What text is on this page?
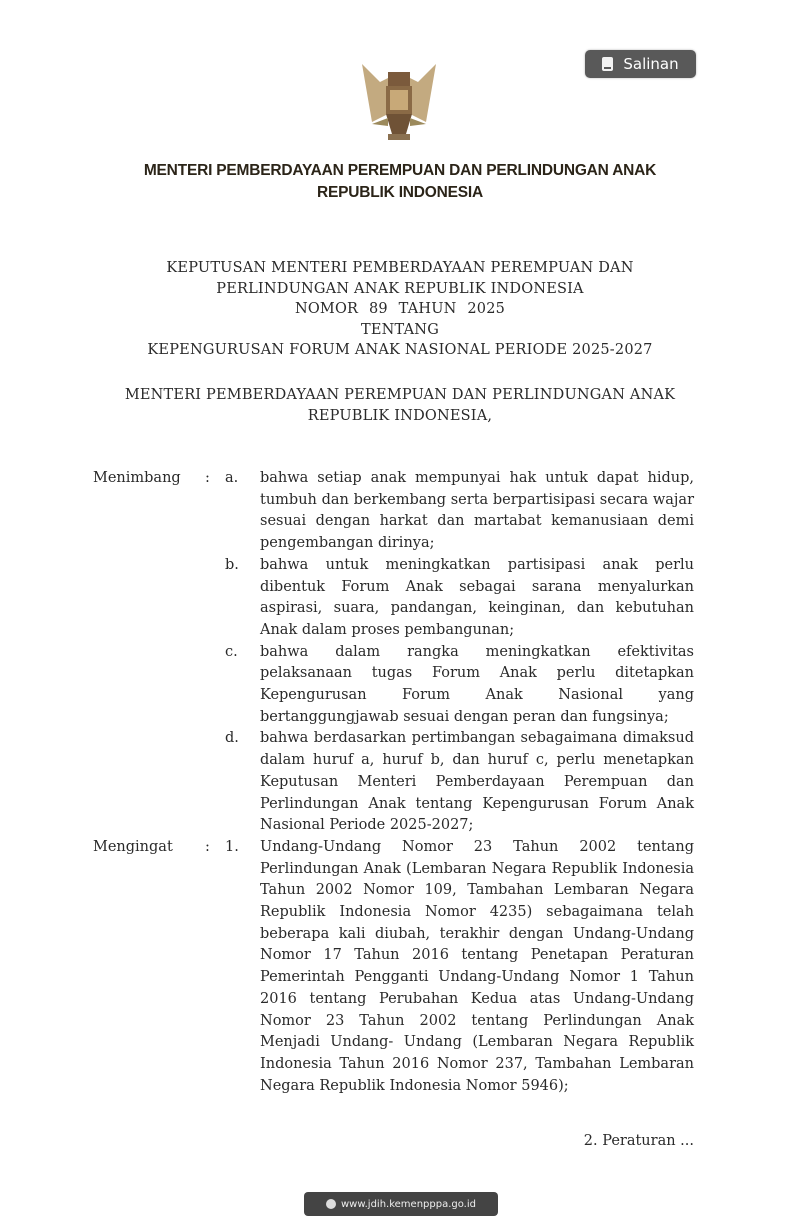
Salinan
MENTERI PEMBERDAYAAN PEREMPUAN DAN PERLINDUNGAN ANAK
REPUBLIK INDONESIA
KEPUTUSAN MENTERI PEMBERDAYAAN PEREMPUAN DAN
PERLINDUNGAN ANAK REPUBLIK INDONESIA
NOMOR 89 TAHUN 2025
TENTANG
KEPENGURUSAN FORUM ANAK NASIONAL PERIODE 2025-2027
MENTERI PEMBERDAYAAN PEREMPUAN DAN PERLINDUNGAN ANAK
REPUBLIK INDONESIA,
Menimbang : a. bahwa setiap anak mempunyai hak untuk dapat hidup, tumbuh dan berkembang serta berpartisipasi secara wajar sesuai dengan harkat dan martabat kemanusiaan demi pengembangan dirinya;
b. bahwa untuk meningkatkan partisipasi anak perlu dibentuk Forum Anak sebagai sarana menyalurkan aspirasi, suara, pandangan, keinginan, dan kebutuhan Anak dalam proses pembangunan;
c. bahwa dalam rangka meningkatkan efektivitas pelaksanaan tugas Forum Anak perlu ditetapkan Kepengurusan Forum Anak Nasional yang bertanggungjawab sesuai dengan peran dan fungsinya;
d. bahwa berdasarkan pertimbangan sebagaimana dimaksud dalam huruf a, huruf b, dan huruf c, perlu menetapkan Keputusan Menteri Pemberdayaan Perempuan dan Perlindungan Anak tentang Kepengurusan Forum Anak Nasional Periode 2025-2027;
Mengingat : 1. Undang-Undang Nomor 23 Tahun 2002 tentang Perlindungan Anak (Lembaran Negara Republik Indonesia Tahun 2002 Nomor 109, Tambahan Lembaran Negara Republik Indonesia Nomor 4235) sebagaimana telah beberapa kali diubah, terakhir dengan Undang-Undang Nomor 17 Tahun 2016 tentang Penetapan Peraturan Pemerintah Pengganti Undang-Undang Nomor 1 Tahun 2016 tentang Perubahan Kedua atas Undang-Undang Nomor 23 Tahun 2002 tentang Perlindungan Anak Menjadi Undang- Undang (Lembaran Negara Republik Indonesia Tahun 2016 Nomor 237, Tambahan Lembaran Negara Republik Indonesia Nomor 5946);
2. Peraturan ...
www.jdih.kemenpppa.go.id
